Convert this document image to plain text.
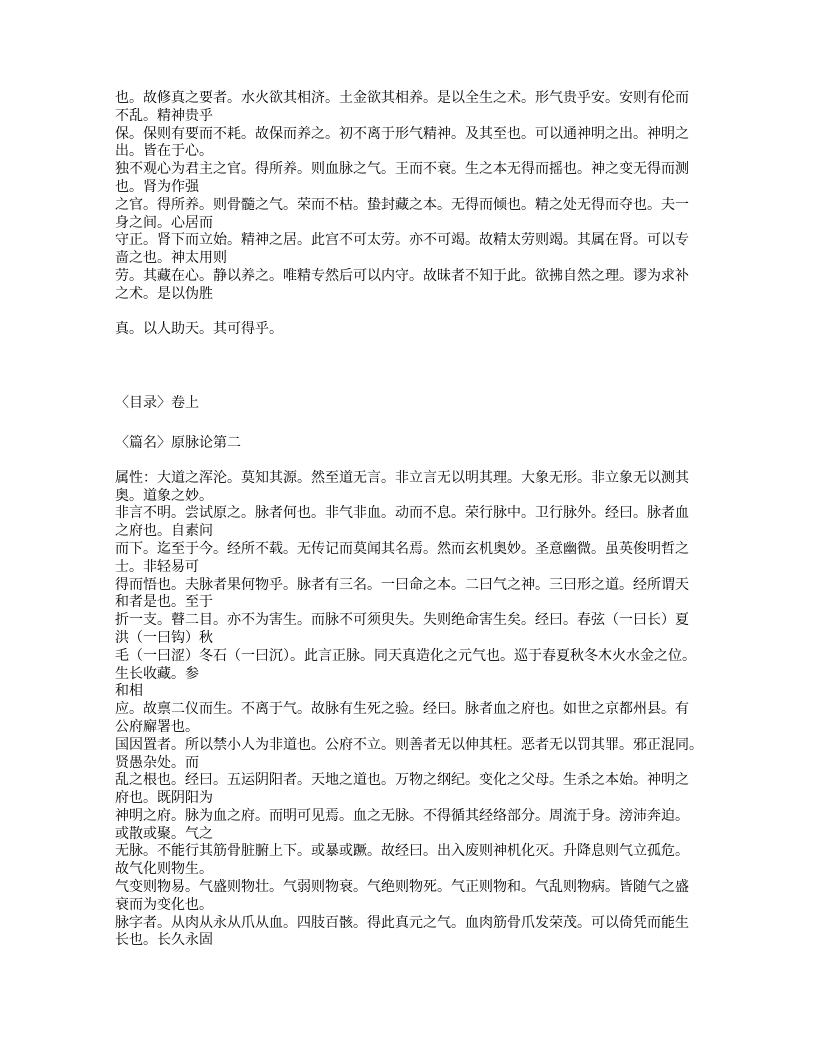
也。故修真之要者。水火欲其相济。土金欲其相养。是以全生之术。形气贵乎安。安则有伦而
不乱。精神贵乎
保。保则有要而不耗。故保而养之。初不离于形气精神。及其至也。可以通神明之出。神明之
出。皆在于心。
独不观心为君主之官。得所养。则血脉之气。王而不衰。生之本无得而摇也。神之变无得而测
也。肾为作强
之官。得所养。则骨髓之气。荣而不枯。蛰封藏之本。无得而倾也。精之处无得而夺也。夫一
身之间。心居而
守正。肾下而立始。精神之居。此宫不可太劳。亦不可竭。故精太劳则竭。其属在肾。可以专
啬之也。神太用则
劳。其藏在心。静以养之。唯精专然后可以内守。故昧者不知于此。欲拂自然之理。谬为求补
之术。是以伪胜

真。以人助天。其可得乎。
〈目录〉卷上
〈篇名〉原脉论第二
属性：大道之浑沦。莫知其源。然至道无言。非立言无以明其理。大象无形。非立象无以测其
奥。道象之妙。
非言不明。尝试原之。脉者何也。非气非血。动而不息。荣行脉中。卫行脉外。经曰。脉者血
之府也。自素问
而下。迄至于今。经所不载。无传记而莫闻其名焉。然而玄机奥妙。圣意幽微。虽英俊明哲之
士。非轻易可
得而悟也。夫脉者果何物乎。脉者有三名。一曰命之本。二曰气之神。三曰形之道。经所谓天
和者是也。至于
折一支。瞽二目。亦不为害生。而脉不可须臾失。失则绝命害生矣。经曰。春弦（一曰长）夏
洪（一曰钩）秋
毛（一曰涩）冬石（一曰沉）。此言正脉。同天真造化之元气也。巡于春夏秋冬木火水金之位。
生长收藏。参
和相
应。故禀二仪而生。不离于气。故脉有生死之验。经曰。脉者血之府也。如世之京都州县。有
公府廨署也。
国因置者。所以禁小人为非道也。公府不立。则善者无以伸其枉。恶者无以罚其罪。邪正混同。
贤愚杂处。而
乱之根也。经曰。五运阴阳者。天地之道也。万物之纲纪。变化之父母。生杀之本始。神明之
府也。既阴阳为
神明之府。脉为血之府。而明可见焉。血之无脉。不得循其经络部分。周流于身。滂沛奔迫。
或散或聚。气之
无脉。不能行其筋骨脏腑上下。或暴或蹶。故经曰。出入废则神机化灭。升降息则气立孤危。
故气化则物生。
气变则物易。气盛则物壮。气弱则物衰。气绝则物死。气正则物和。气乱则物病。皆随气之盛
衰而为变化也。
脉字者。从肉从永从爪从血。四肢百骸。得此真元之气。血肉筋骨爪发荣茂。可以倚凭而能生
长也。长久永固
